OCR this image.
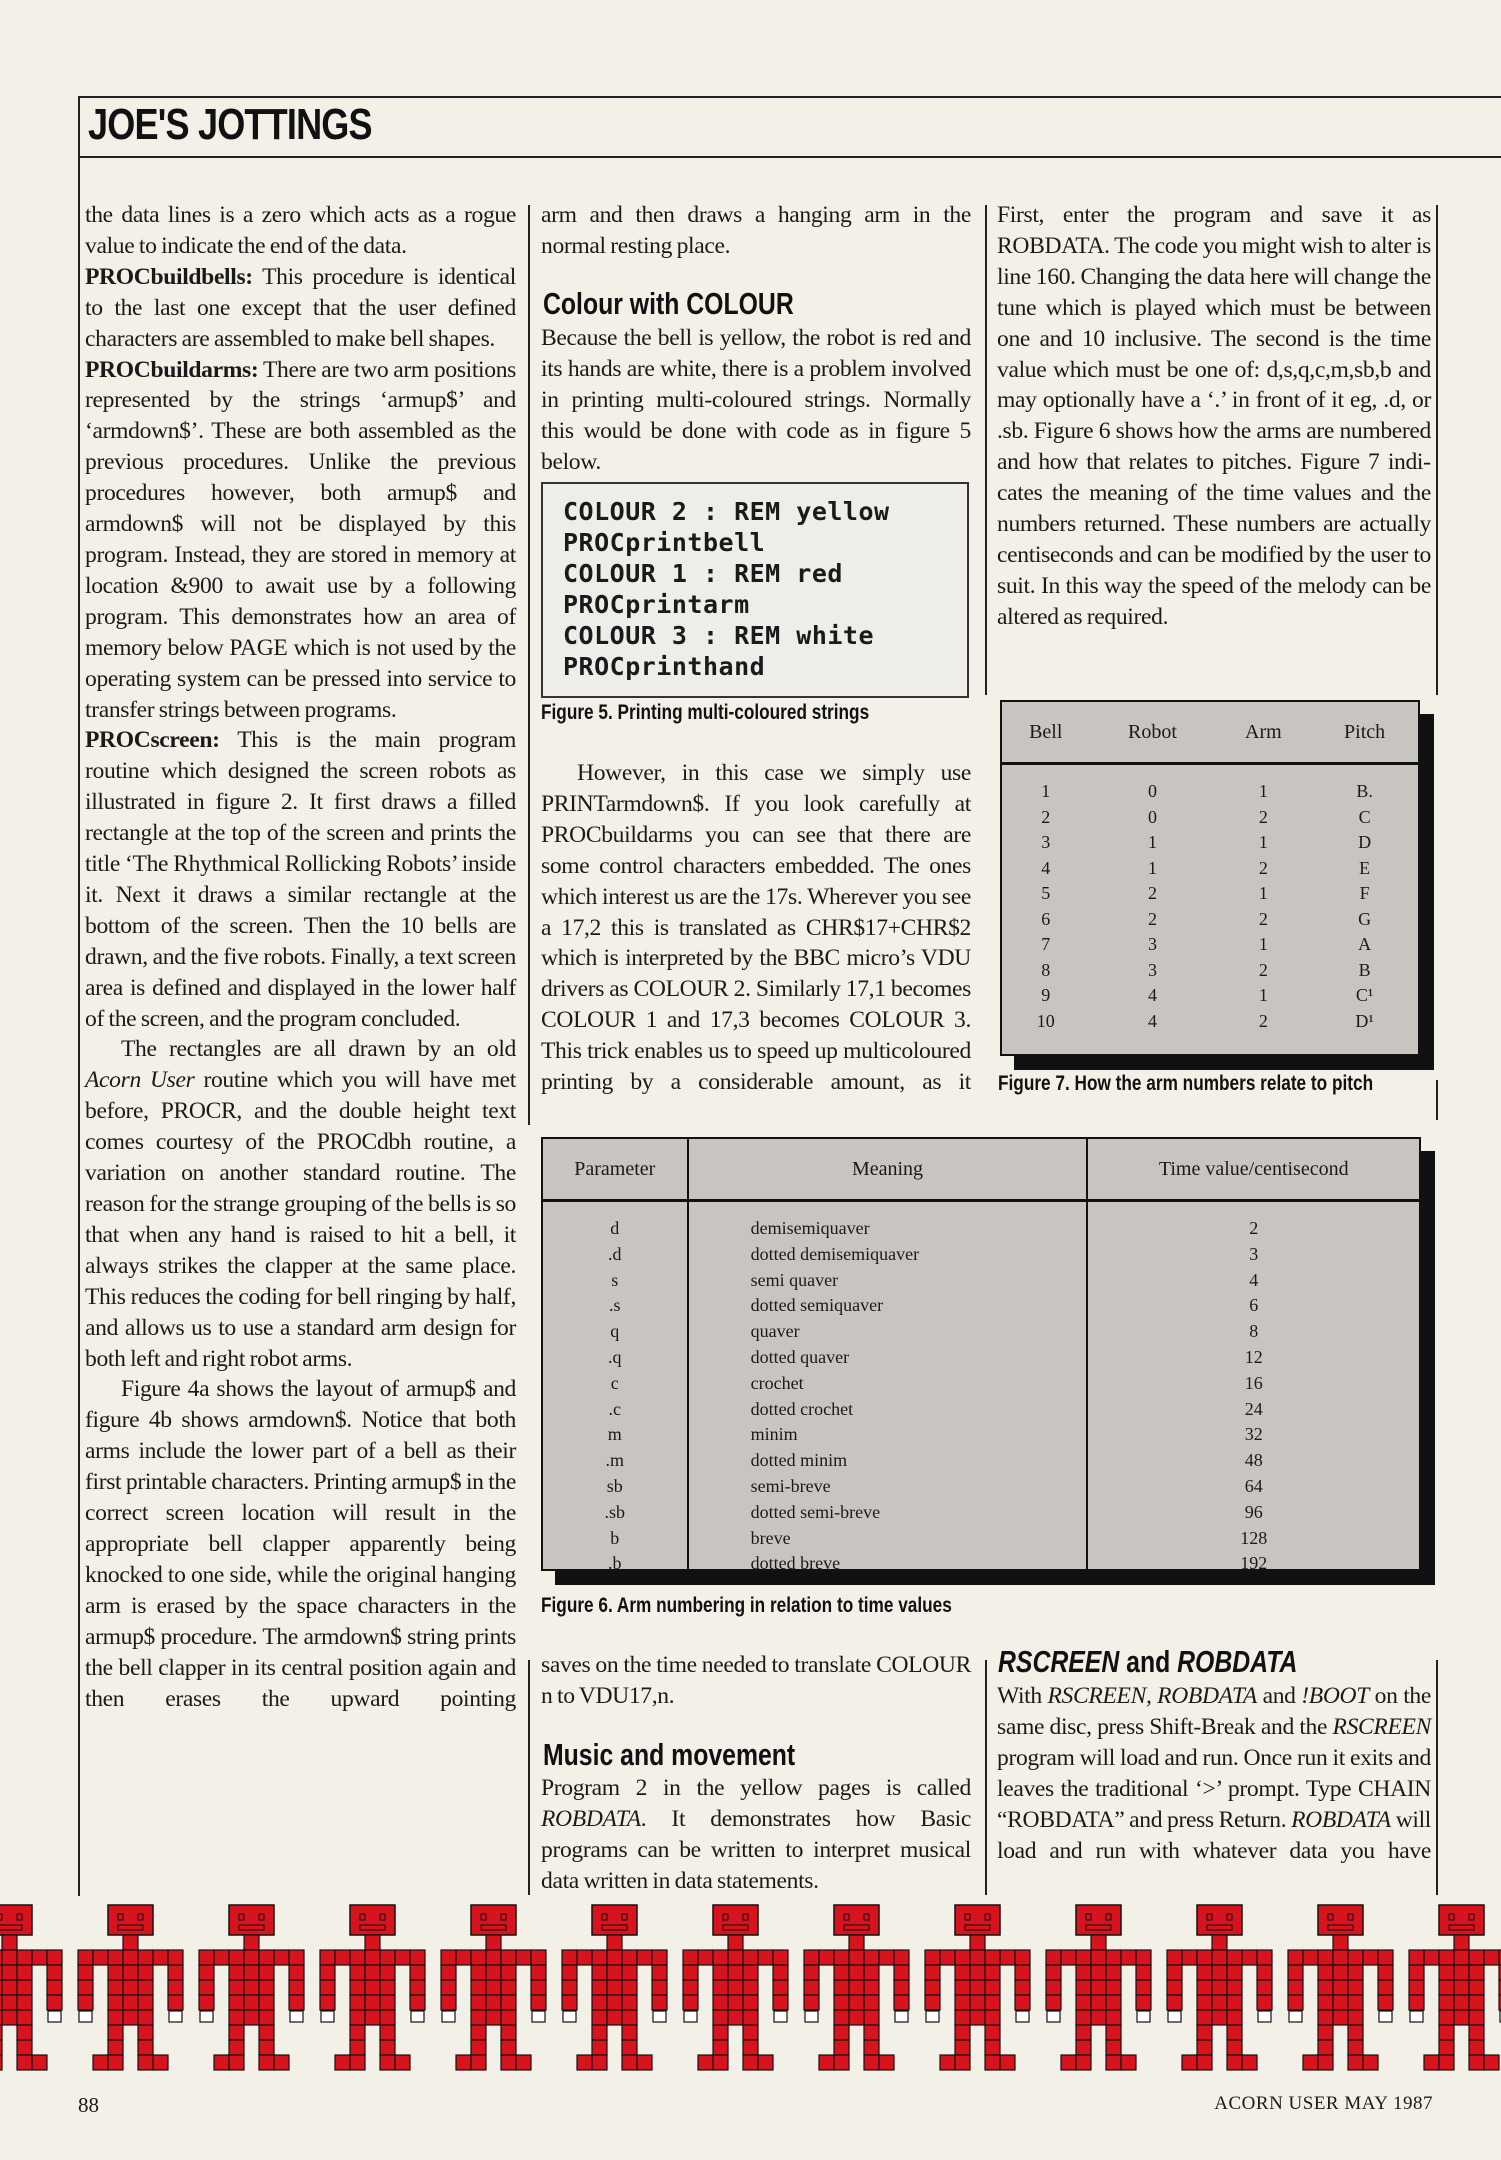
JOE'S JOTTINGS

the data lines is a zero which acts as a rogue value to indicate the end of the data.

PROCbuildbells: This procedure is identical to the last one except that the user defined characters are assembled to make bell shapes.

PROCbuildarms: There are two arm positions represented by the strings ‘armup$’ and ‘armdown$’. These are both assembled as the previous procedures. Unlike the previous procedures however, both armup$ and armdown$ will not be displayed by this program. Instead, they are stored in memory at location &900 to await use by a following program. This demonstrates how an area of memory below PAGE which is not used by the operating system can be pressed into service to transfer strings between programs.

PROCscreen: This is the main program routine which designed the screen robots as illustrated in figure 2. It first draws a filled rectangle at the top of the screen and prints the title ‘The Rhythmical Rollicking Robots’ inside it. Next it draws a similar rectangle at the bottom of the screen. Then the 10 bells are drawn, and the five robots. Finally, a text screen area is defined and displayed in the lower half of the screen, and the program concluded.

The rectangles are all drawn by an old Acorn User routine which you will have met before, PROCR, and the double height text comes courtesy of the PROCdbh routine, a variation on another standard routine. The reason for the strange grouping of the bells is so that when any hand is raised to hit a bell, it always strikes the clapper at the same place. This reduces the coding for bell ringing by half, and allows us to use a standard arm design for both left and right robot arms.

Figure 4a shows the layout of armup$ and figure 4b shows armdown$. Notice that both arms include the lower part of a bell as their first printable characters. Printing armup$ in the correct screen location will result in the appropriate bell clapper apparently being knocked to one side, while the original hanging arm is erased by the space characters in the armup$ procedure. The armdown$ string prints the bell clapper in its central position again and then erases the upward pointing

arm and then draws a hanging arm in the normal resting place.

Colour with COLOUR

Because the bell is yellow, the robot is red and its hands are white, there is a problem involved in printing multi-coloured strings. Normally this would be done with code as in figure 5 below.

COLOUR 2 : REM yellow
PROCprintbell
COLOUR 1 : REM red
PROCprintarm
COLOUR 3 : REM white
PROCprinthand
Figure 5. Printing multi-coloured strings

However, in this case we simply use PRINTarmdown$. If you look carefully at PROCbuildarms you can see that there are some control characters embedded. The ones which interest us are the 17s. Wherever you see a 17,2 this is translated as CHR$17+CHR$2 which is interpreted by the BBC micro’s VDU drivers as COLOUR 2. Similarly 17,1 becomes COLOUR 1 and 17,3 becomes COLOUR 3. This trick enables us to speed up multicoloured printing by a considerable amount, as it

First, enter the program and save it as ROBDATA. The code you might wish to alter is line 160. Changing the data here will change the tune which is played which must be between one and 10 inclusive. The second is the time value which must be one of: d,s,q,c,m,sb,b and may optionally have a ‘.’ in front of it eg, .d, or .sb. Figure 6 shows how the arms are numbered and how that relates to pitches. Figure 7 indicates the meaning of the time values and the numbers returned. These numbers are actually centiseconds and can be modified by the user to suit. In this way the speed of the melody can be altered as required.

Bell	Robot	Arm	Pitch
1	0	1	B.
2	0	2	C
3	1	1	D
4	1	2	E
5	2	1	F
6	2	2	G
7	3	1	A
8	3	2	B
9	4	1	C¹
10	4	2	D¹
Figure 7. How the arm numbers relate to pitch
Parameter	Meaning	Time value/centisecond
d	demisemiquaver	2
.d	dotted demisemiquaver	3
s	semi quaver	4
.s	dotted semiquaver	6
q	quaver	8
.q	dotted quaver	12
c	crochet	16
.c	dotted crochet	24
m	minim	32
.m	dotted minim	48
sb	semi-breve	64
.sb	dotted semi-breve	96
b	breve	128
.b	dotted breve	192
Figure 6. Arm numbering in relation to time values

saves on the time needed to translate COLOUR n to VDU17,n.

Music and movement

Program 2 in the yellow pages is called ROBDATA. It demonstrates how Basic programs can be written to interpret musical data written in data statements.

RSCREEN and ROBDATA

With RSCREEN, ROBDATA and !BOOT on the same disc, press Shift-Break and the RSCREEN program will load and run. Once run it exits and leaves the traditional ‘>’ prompt. Type CHAIN “ROBDATA” and press Return. ROBDATA will load and run with whatever data you have

88	ACORN USER MAY 1987
